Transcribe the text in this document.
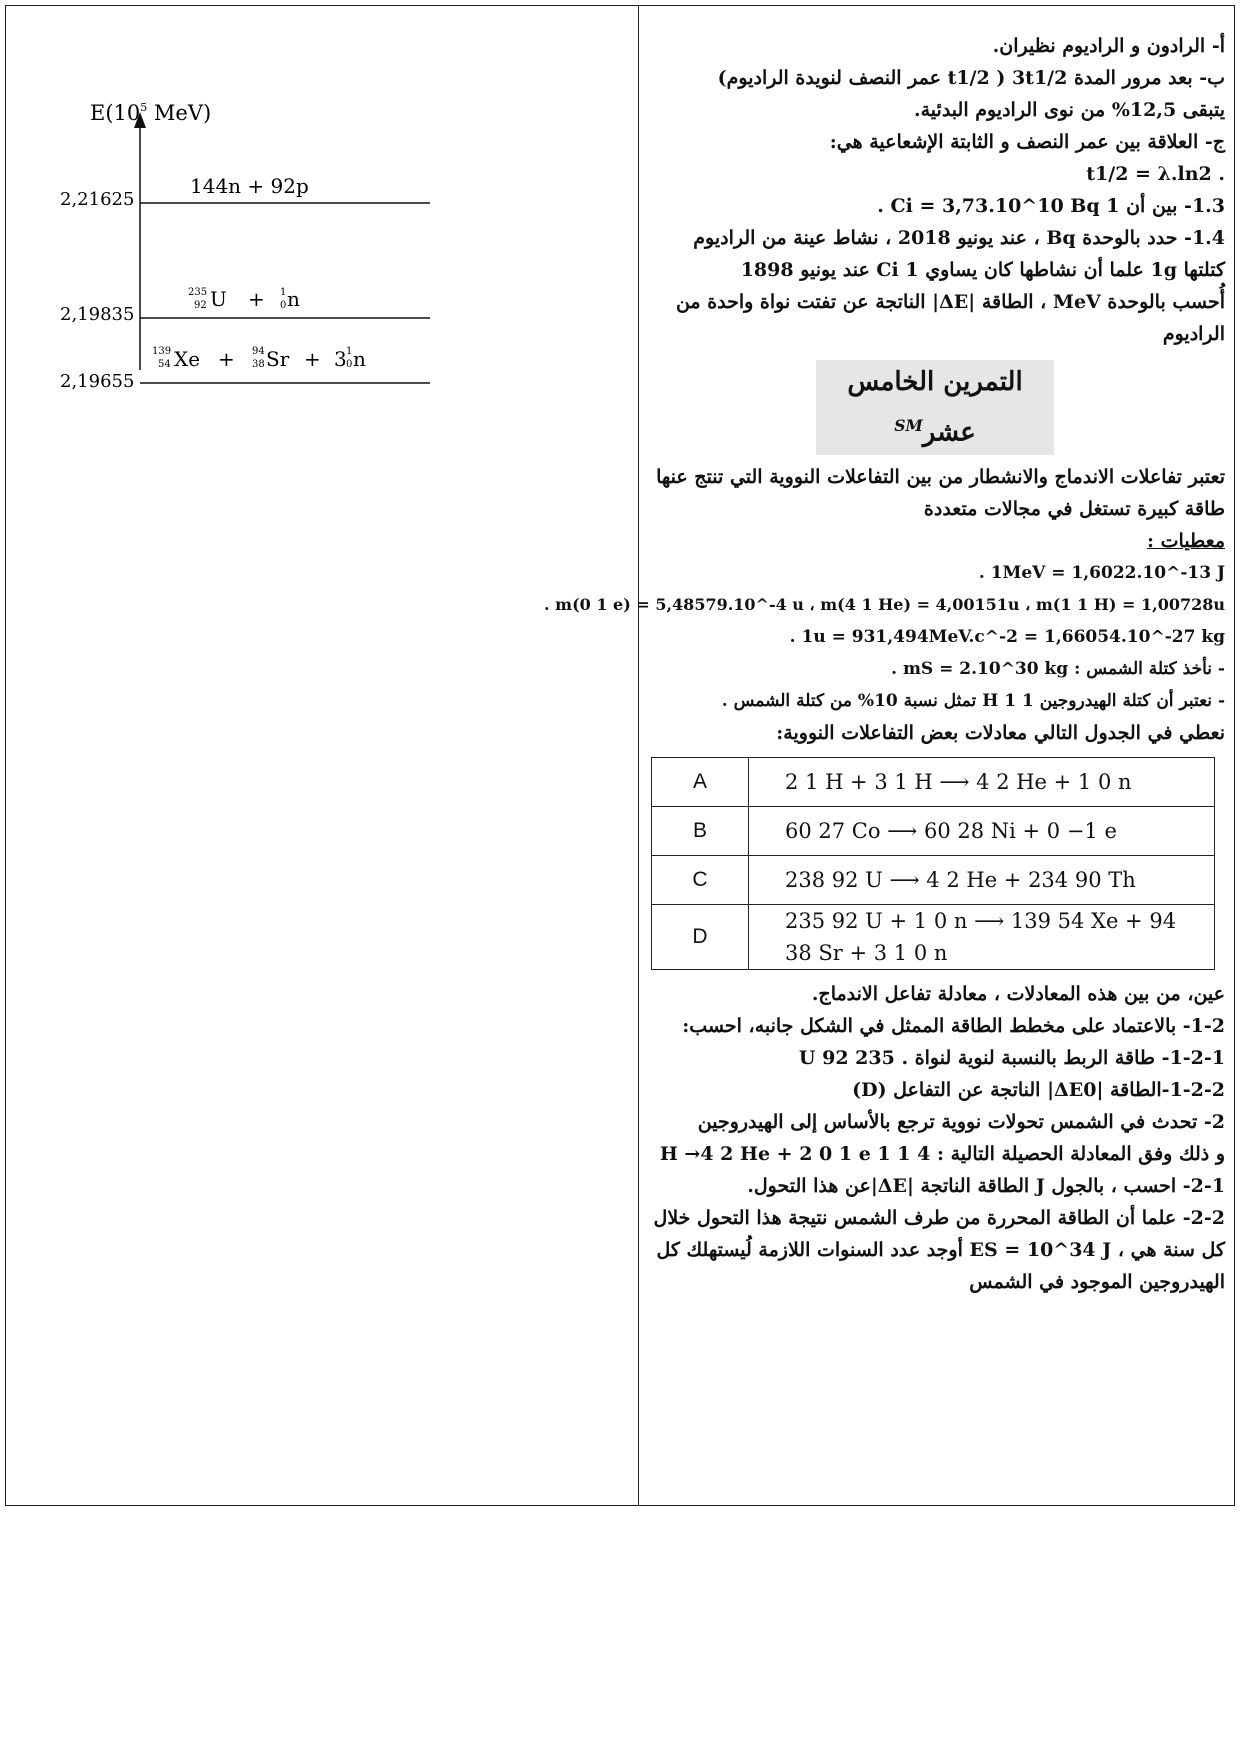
$E(10^5$ MeV)
2,21625
144n + 92p
2,19835
235
92 U + 1
0 n
2,19655
139
54 Xe + 94
38 Sr + 3 1
0 n
أ- الرادون و الراديوم نظيران.
ب- بعد مرور المدة 3t1/2 ( t1/2 عمر النصف لنويدة الراديوم)
يتبقى 12,5% من نوى الراديوم البدئية.
ج- العلاقة بين عمر النصف و الثابتة الإشعاعية هي:
. t1/2 = λ.ln2
1.3- بين أن 1 Ci = 3,73.10^10 Bq .
1.4- حدد بالوحدة Bq ، عند يونيو 2018 ، نشاط عينة من الراديوم
كتلتها 1g علما أن نشاطها كان يساوي 1 Ci عند يونيو 1898
أُحسب بالوحدة MeV ، الطاقة |ΔE| الناتجة عن تفتت نواة واحدة من الراديوم
التمرين الخامس عشر℠
تعتبر تفاعلات الاندماج والانشطار من بين التفاعلات النووية التي تنتج عنها طاقة كبيرة تستغل في مجالات متعددة
معطيات :
1MeV = 1,6022.10^-13 J .
m(0 1 e) = 5,48579.10^-4 u ، m(4 1 He) = 4,00151u ، m(1 1 H) = 1,00728u .
1u = 931,494MeV.c^-2 = 1,66054.10^-27 kg .
- نأخذ كتلة الشمس : mS = 2.10^30 kg .
- نعتبر أن كتلة الهيدروجين 1 1 H تمثل نسبة 10% من كتلة الشمس .
نعطي في الجدول التالي معادلات بعض التفاعلات النووية:
A	2 1 H + 3 1 H ⟶ 4 2 He + 1 0 n
B	60 27 Co ⟶ 60 28 Ni + 0 −1 e
C	238 92 U ⟶ 4 2 He + 234 90 Th
D	235 92 U + 1 0 n ⟶ 139 54 Xe + 94 38 Sr + 3 1 0 n
عين، من بين هذه المعادلات ، معادلة تفاعل الاندماج.
1-2- بالاعتماد على مخطط الطاقة الممثل في الشكل جانبه، احسب:
1-2-1- طاقة الربط بالنسبة لنوية لنواة . 235 92 U
1-2-2-الطاقة |ΔE0| الناتجة عن التفاعل (D)
2- تحدث في الشمس تحولات نووية ترجع بالأساس إلى الهيدروجين
و ذلك وفق المعادلة الحصيلة التالية : 4 1 1 H →4 2 He + 2 0 1 e
2-1- احسب ، بالجول J الطاقة الناتجة |ΔE|عن هذا التحول.
2-2- علما أن الطاقة المحررة من طرف الشمس نتيجة هذا التحول خلال كل سنة هي ، ES = 10^34 J أوجد عدد السنوات اللازمة لُيستهلك كل
الهيدروجين الموجود في الشمس
